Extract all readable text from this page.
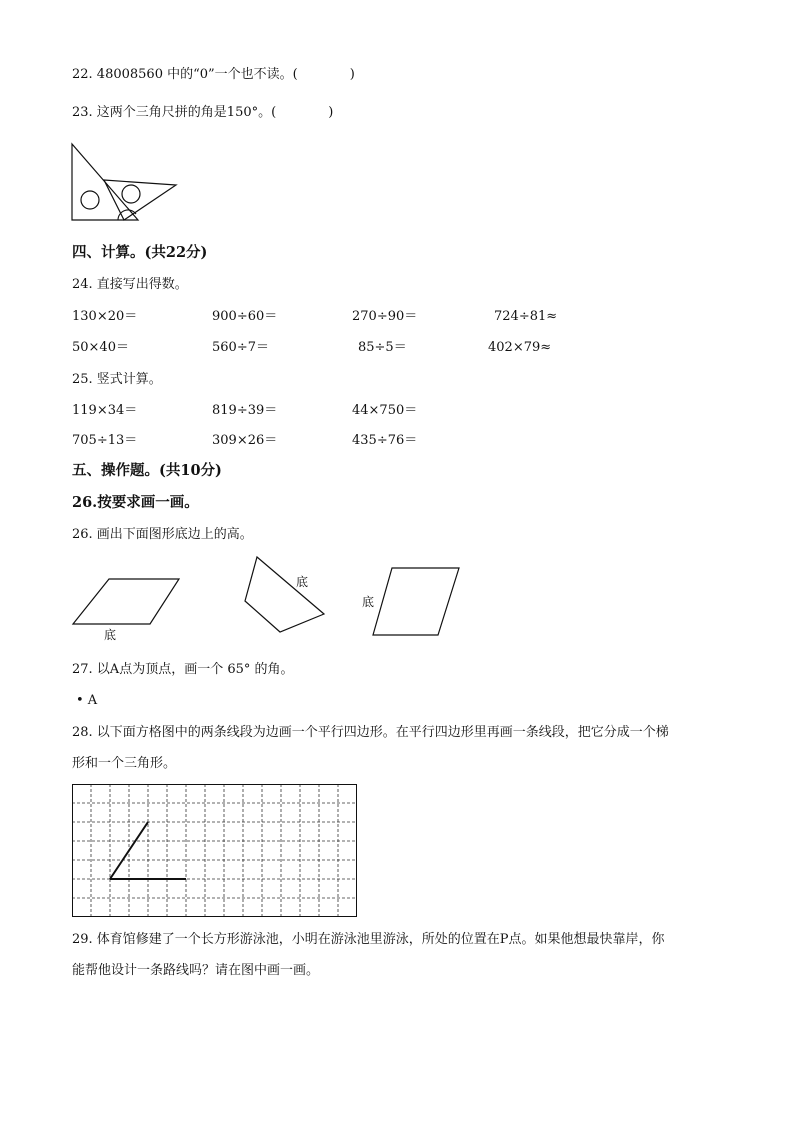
22. 48008560 中的“0”一个也不读。(　　　　)
23. 这两个三角尺拼的角是150°。(　　　　)
四、计算。(共22分)
24. 直接写出得数。
130×20＝	900÷60＝	270÷90＝	724÷81≈
50×40＝	560÷7＝	85÷5＝	402×79≈
25. 竖式计算。
119×34＝	819÷39＝	44×750＝
705÷13＝	309×26＝	435÷76＝
五、操作题。(共10分)
26.按要求画一画。
26. 画出下面图形底边上的高。
底
底
底
27. 以A点为顶点，画一个 65° 的角。
• A
28. 以下面方格图中的两条线段为边画一个平行四边形。在平行四边形里再画一条线段，把它分成一个梯
形和一个三角形。
29. 体育馆修建了一个长方形游泳池，小明在游泳池里游泳，所处的位置在P点。如果他想最快靠岸，你
能帮他设计一条路线吗？请在图中画一画。
